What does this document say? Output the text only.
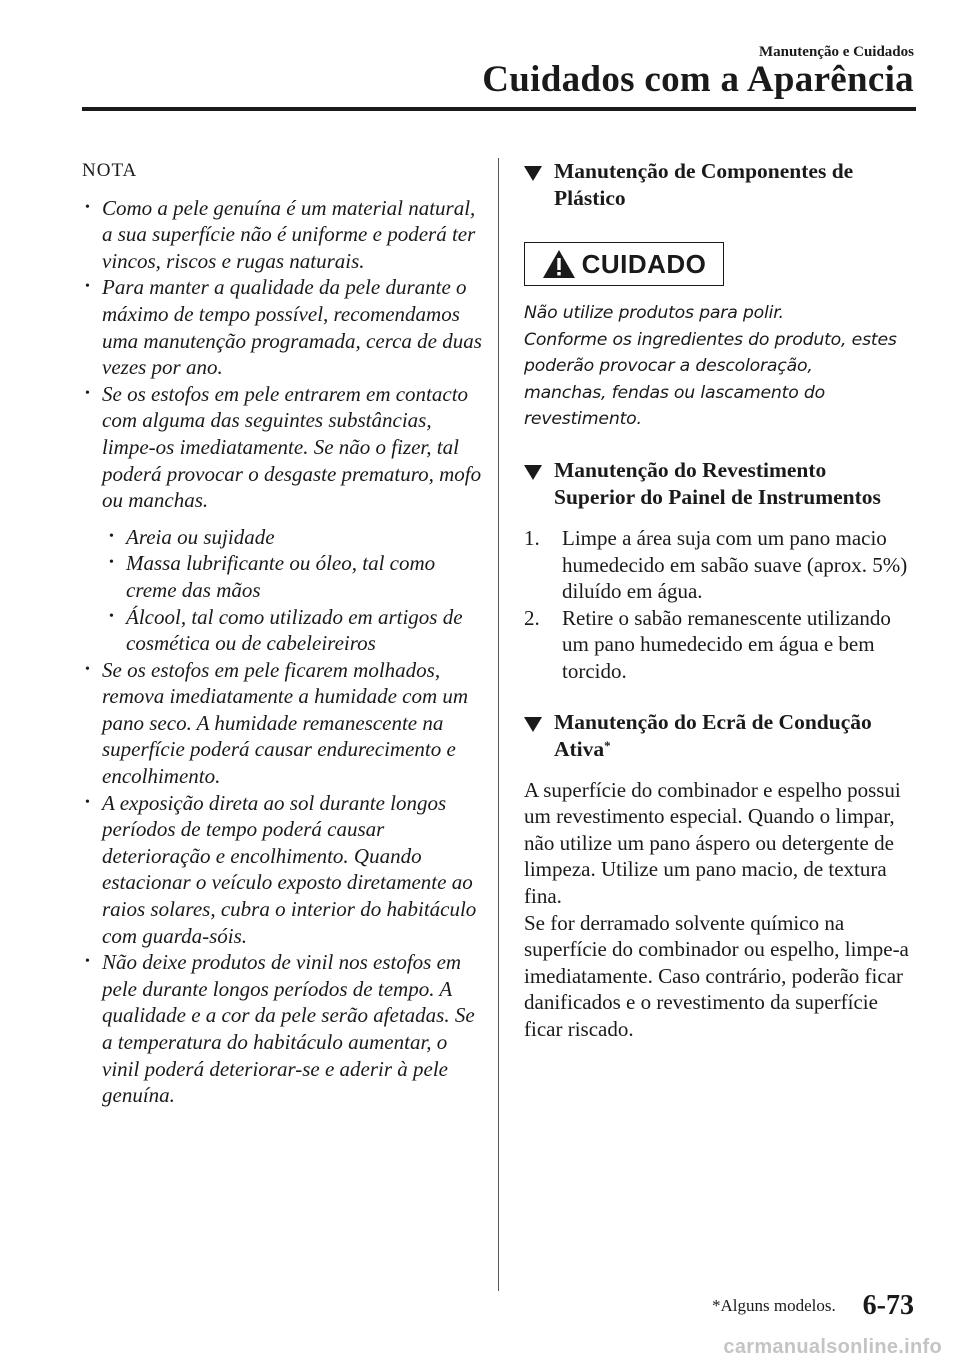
Manutenção e Cuidados
Cuidados com a Aparência

NOTA

• Como a pele genuína é um material natural, a sua superfície não é uniforme e poderá ter vincos, riscos e rugas naturais.

• Para manter a qualidade da pele durante o máximo de tempo possível, recomendamos uma manutenção programada, cerca de duas vezes por ano.

• Se os estofos em pele entrarem em contacto com alguma das seguintes substâncias, limpe-os imediatamente. Se não o fizer, tal poderá provocar o desgaste prematuro, mofo ou manchas.

• Areia ou sujidade

• Massa lubrificante ou óleo, tal como creme das mãos

• Álcool, tal como utilizado em artigos de cosmética ou de cabeleireiros

• Se os estofos em pele ficarem molhados, remova imediatamente a humidade com um pano seco. A humidade remanescente na superfície poderá causar endurecimento e encolhimento.

• A exposição direta ao sol durante longos períodos de tempo poderá causar deterioração e encolhimento. Quando estacionar o veículo exposto diretamente ao raios solares, cubra o interior do habitáculo com guarda-sóis.

• Não deixe produtos de vinil nos estofos em pele durante longos períodos de tempo. A qualidade e a cor da pele serão afetadas. Se a temperatura do habitáculo aumentar, o vinil poderá deteriorar-se e aderir à pele genuína.

Manutenção de Componentes de
Plástico
CUIDADO
Não utilize produtos para polir.
Conforme os ingredientes do produto, estes
poderão provocar a descoloração,
manchas, fendas ou lascamento do
revestimento.
Manutenção do Revestimento
Superior do Painel de Instrumentos

1. Limpe a área suja com um pano macio humedecido em sabão suave (aprox. 5%) diluído em água.

2. Retire o sabão remanescente utilizando um pano humedecido em água e bem torcido.

Manutenção do Ecrã de Condução
Ativa*

A superfície do combinador e espelho possui um revestimento especial. Quando o limpar, não utilize um pano áspero ou detergente de limpeza. Utilize um pano macio, de textura fina.

Se for derramado solvente químico na superfície do combinador ou espelho, limpe-a imediatamente. Caso contrário, poderão ficar danificados e o revestimento da superfície ficar riscado.

*Alguns modelos. 6-73
carmanualsonline.info
